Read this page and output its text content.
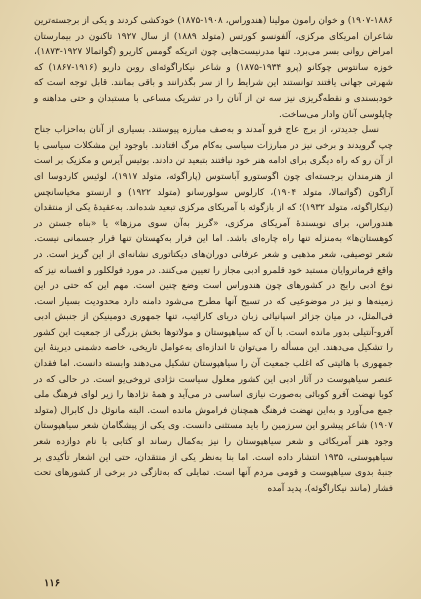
۱۹۰۷-۱۸۸۶) و خوان رامون مولینا (هندوراس، ۱۹۰۸-۱۸۷۵) خودکشی کردند و یکی از برجسته‌ترین شاعران امریکای مرکزی، آلفونسو کورتس (متولد ۱۸۸۹) از سال ۱۹۲۷ تاکنون در بیمارستان امراض روانی بسر می‌برد. تنها مدرنیست‌هایی چون اتریکه گومس کاریرو (گواتمالا ۱۹۲۷-۱۸۷۳)، خوزه سانتوس چوکانو (پرو ۱۹۳۴-۱۸۷۵) و شاعر نیکاراگوئه‌ای روبن داریو (۱۹۱۶-۱۸۶۷) که شهرتی جهانی یافتند توانستند این شرایط را از سر بگذرانند و باقی بمانند. قابل توجه است که خودبسندی و نقطه‌گریزی نیز سه تن از آنان را در تشریک مساعی با مستبدان و حتی مداهنه و چاپلوسی آنان وادار می‌ساخت.

نسل جدیدتر، از برج عاج فرو آمدند و به‌صف مبارزه پیوستند. بسیاری از آنان به‌احزاب جناح چپ گرویدند و برخی نیز در مبارزات سیاسی به‌کام مرگ افتادند. باوجود این مشکلات سیاسی یا از آن رو که راه دیگری برای ادامه هنر خود نیافتند بتبعید تن دادند. بوتیس آیرس و مکزیک بر است از هنرمندان برجسته‌ای چون اگوستورو آباستوس (پاراگوئه، متولد ۱۹۱۷)، لوئیس کاردوسا ای آراگون (گواتمالا، متولد ۱۹۰۴)، کارلوس سولورسانو (متولد ۱۹۲۲) و ارنستو مخیاسانچس (نیکاراگوئه، متولد ۱۹۳۲)؛ که از بازگوئه با آمریکای مرکزی تبعید شده‌اند. به‌عقیدهٔ یکی از منتقدان هندوراس، برای نویسندهٔ آمریکای مرکزی، «گریز به‌آن سوی مرزها» یا «بناه جستن در کوهستان‌ها» به‌منزله تنها راه چاره‌ای باشد. اما این فرار به‌کهستان تنها فرار جسمانی نیست. شعر توصیفی، شعر مذهبی و شعر عرفانی دوران‌های دیکتاتوری نشانه‌ای از این گریز است. در واقع فرمانروایان مستبد خود قلمرو ادبی مجاز را تعیین می‌کنند. در مورد فولکلور و افسانه نیز که نوع ادبی رایج در کشورهای چون هندوراس است وضع چنین است. مهم این که حتی در این زمینه‌ها و نیز در موضوعیی که در تسیح آنها مطرح می‌شود دامنه دارد محدودیت بسیار است. فی‌المثل، در میان جزائر اسپانیائی زبان دریای کارائیب، تنها جمهوری دومینیکن از جنبش ادبی آفرو-آنتیلی بدور مانده است. با آن که سیاهپوستان و مولاتوها بخش بزرگی از جمعیت این کشور را تشکیل می‌دهند. این مسأله را می‌توان تا اندازه‌ای به‌عوامل تاریخی، خاصه دشمنی دیرینهٔ این جمهوری با هائیتی که اغلب جمعیت آن را سیاهپوستان تشکیل می‌دهند وابسته دانست. اما فقدان عنصر سیاهپوست در آثار ادبی این کشور معلول سیاست نژادی تروخی‌یو است. در حالی که در کوبا نهضت آفرو کوبائی به‌صورت نیازی اساسی در می‌آید و همهٔ نژادها را زیر لوای فرهنگ ملی جمع می‌آورد و به‌این نهضت فرهنگ همچنان فراموش مانده است. البته مانوئل دل کابرال (متولد ۱۹۰۷) شاعر پیشرو این سرزمین را باید مستثنی دانست. وی یکی از پیشگامان شعر سیاهپوستان وجود هنر آمریکائی و شعر سیاهپوستان را نیز به‌کمال رساند او کتابی با نام دوازده شعر سیاهپوستی، ۱۹۳۵ انتشار داده است. اما بنا به‌نظر یکی از منتقدان، حتی این اشعار تأکیدی بر جنبهٔ بدوی سیاهپوست و قومی مردم آنها است. تمایلی که به‌تازگی در برخی از کشورهای تحت فشار (مانند نیکاراگوئه)، پدید آمده

۱۱۶
